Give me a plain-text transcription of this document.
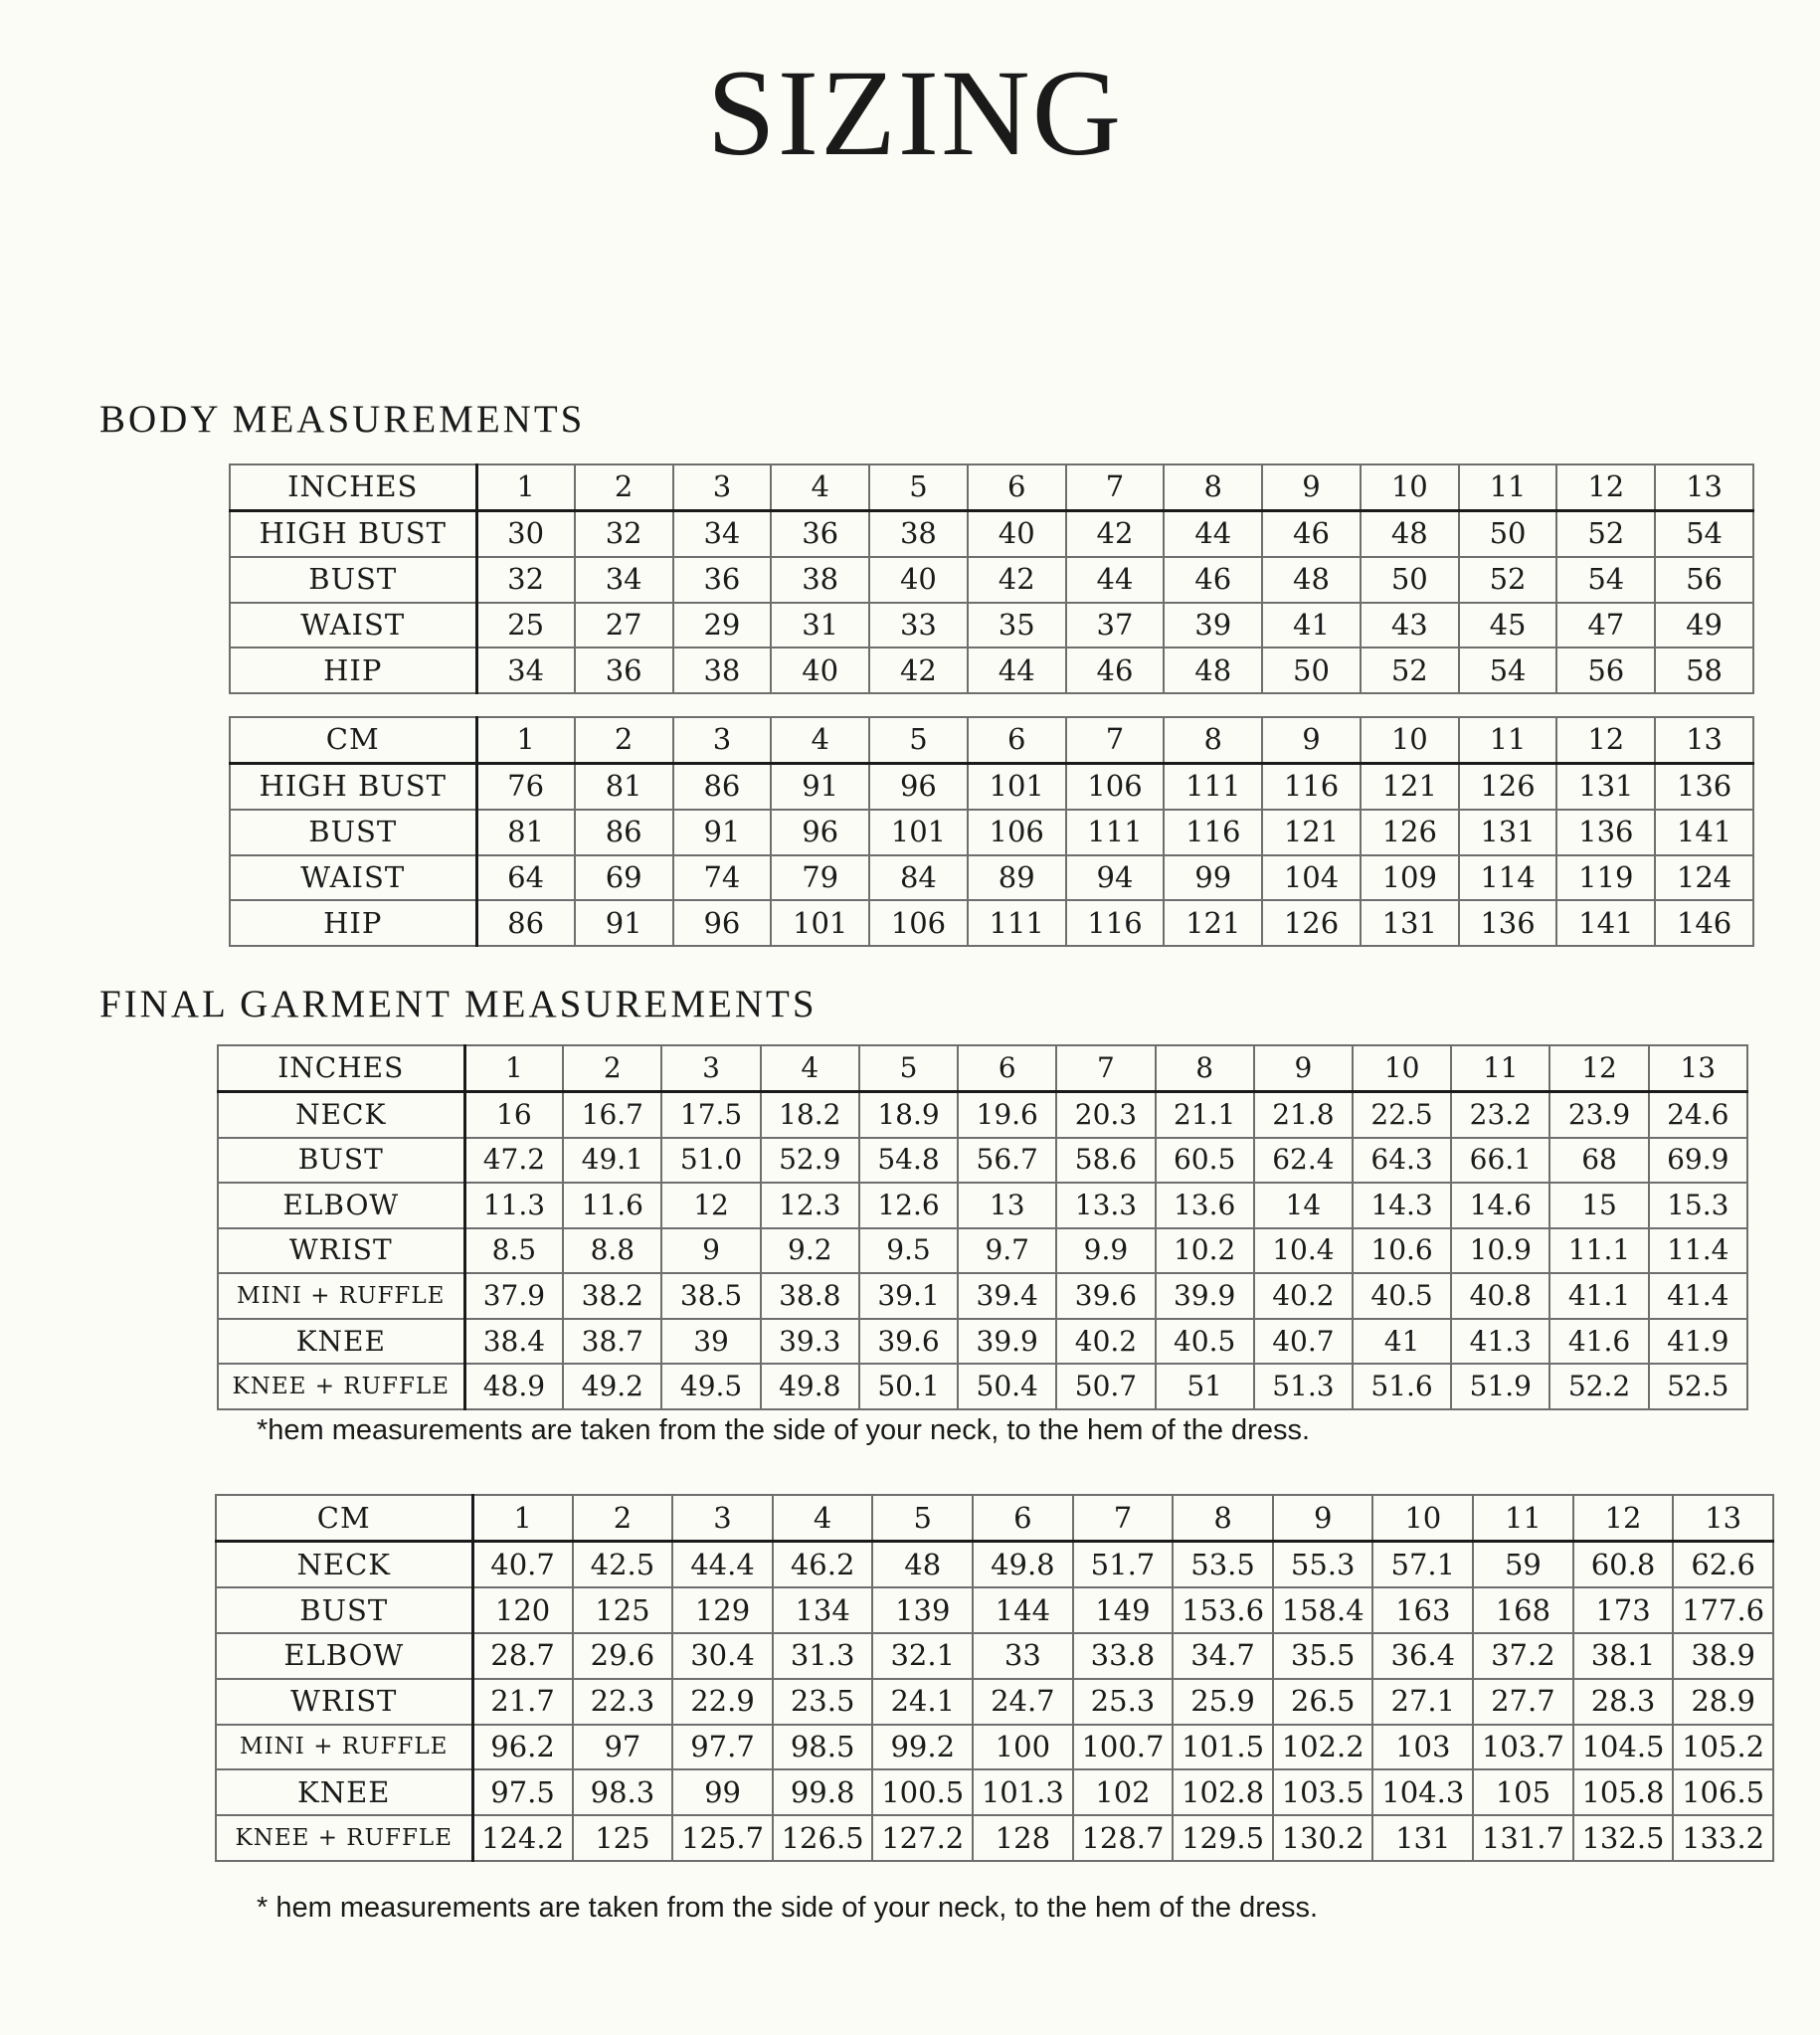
SIZING
BODY MEASUREMENTS
INCHES	1	2	3	4	5	6	7	8	9	10	11	12	13
HIGH BUST	30	32	34	36	38	40	42	44	46	48	50	52	54
BUST	32	34	36	38	40	42	44	46	48	50	52	54	56
WAIST	25	27	29	31	33	35	37	39	41	43	45	47	49
HIP	34	36	38	40	42	44	46	48	50	52	54	56	58
CM	1	2	3	4	5	6	7	8	9	10	11	12	13
HIGH BUST	76	81	86	91	96	101	106	111	116	121	126	131	136
BUST	81	86	91	96	101	106	111	116	121	126	131	136	141
WAIST	64	69	74	79	84	89	94	99	104	109	114	119	124
HIP	86	91	96	101	106	111	116	121	126	131	136	141	146
FINAL GARMENT MEASUREMENTS
INCHES	1	2	3	4	5	6	7	8	9	10	11	12	13
NECK	16	16.7	17.5	18.2	18.9	19.6	20.3	21.1	21.8	22.5	23.2	23.9	24.6
BUST	47.2	49.1	51.0	52.9	54.8	56.7	58.6	60.5	62.4	64.3	66.1	68	69.9
ELBOW	11.3	11.6	12	12.3	12.6	13	13.3	13.6	14	14.3	14.6	15	15.3
WRIST	8.5	8.8	9	9.2	9.5	9.7	9.9	10.2	10.4	10.6	10.9	11.1	11.4
MINI + RUFFLE	37.9	38.2	38.5	38.8	39.1	39.4	39.6	39.9	40.2	40.5	40.8	41.1	41.4
KNEE	38.4	38.7	39	39.3	39.6	39.9	40.2	40.5	40.7	41	41.3	41.6	41.9
KNEE + RUFFLE	48.9	49.2	49.5	49.8	50.1	50.4	50.7	51	51.3	51.6	51.9	52.2	52.5
*hem measurements are taken from the side of your neck, to the hem of the dress.
CM	1	2	3	4	5	6	7	8	9	10	11	12	13
NECK	40.7	42.5	44.4	46.2	48	49.8	51.7	53.5	55.3	57.1	59	60.8	62.6
BUST	120	125	129	134	139	144	149	153.6	158.4	163	168	173	177.6
ELBOW	28.7	29.6	30.4	31.3	32.1	33	33.8	34.7	35.5	36.4	37.2	38.1	38.9
WRIST	21.7	22.3	22.9	23.5	24.1	24.7	25.3	25.9	26.5	27.1	27.7	28.3	28.9
MINI + RUFFLE	96.2	97	97.7	98.5	99.2	100	100.7	101.5	102.2	103	103.7	104.5	105.2
KNEE	97.5	98.3	99	99.8	100.5	101.3	102	102.8	103.5	104.3	105	105.8	106.5
KNEE + RUFFLE	124.2	125	125.7	126.5	127.2	128	128.7	129.5	130.2	131	131.7	132.5	133.2
* hem measurements are taken from the side of your neck, to the hem of the dress.
